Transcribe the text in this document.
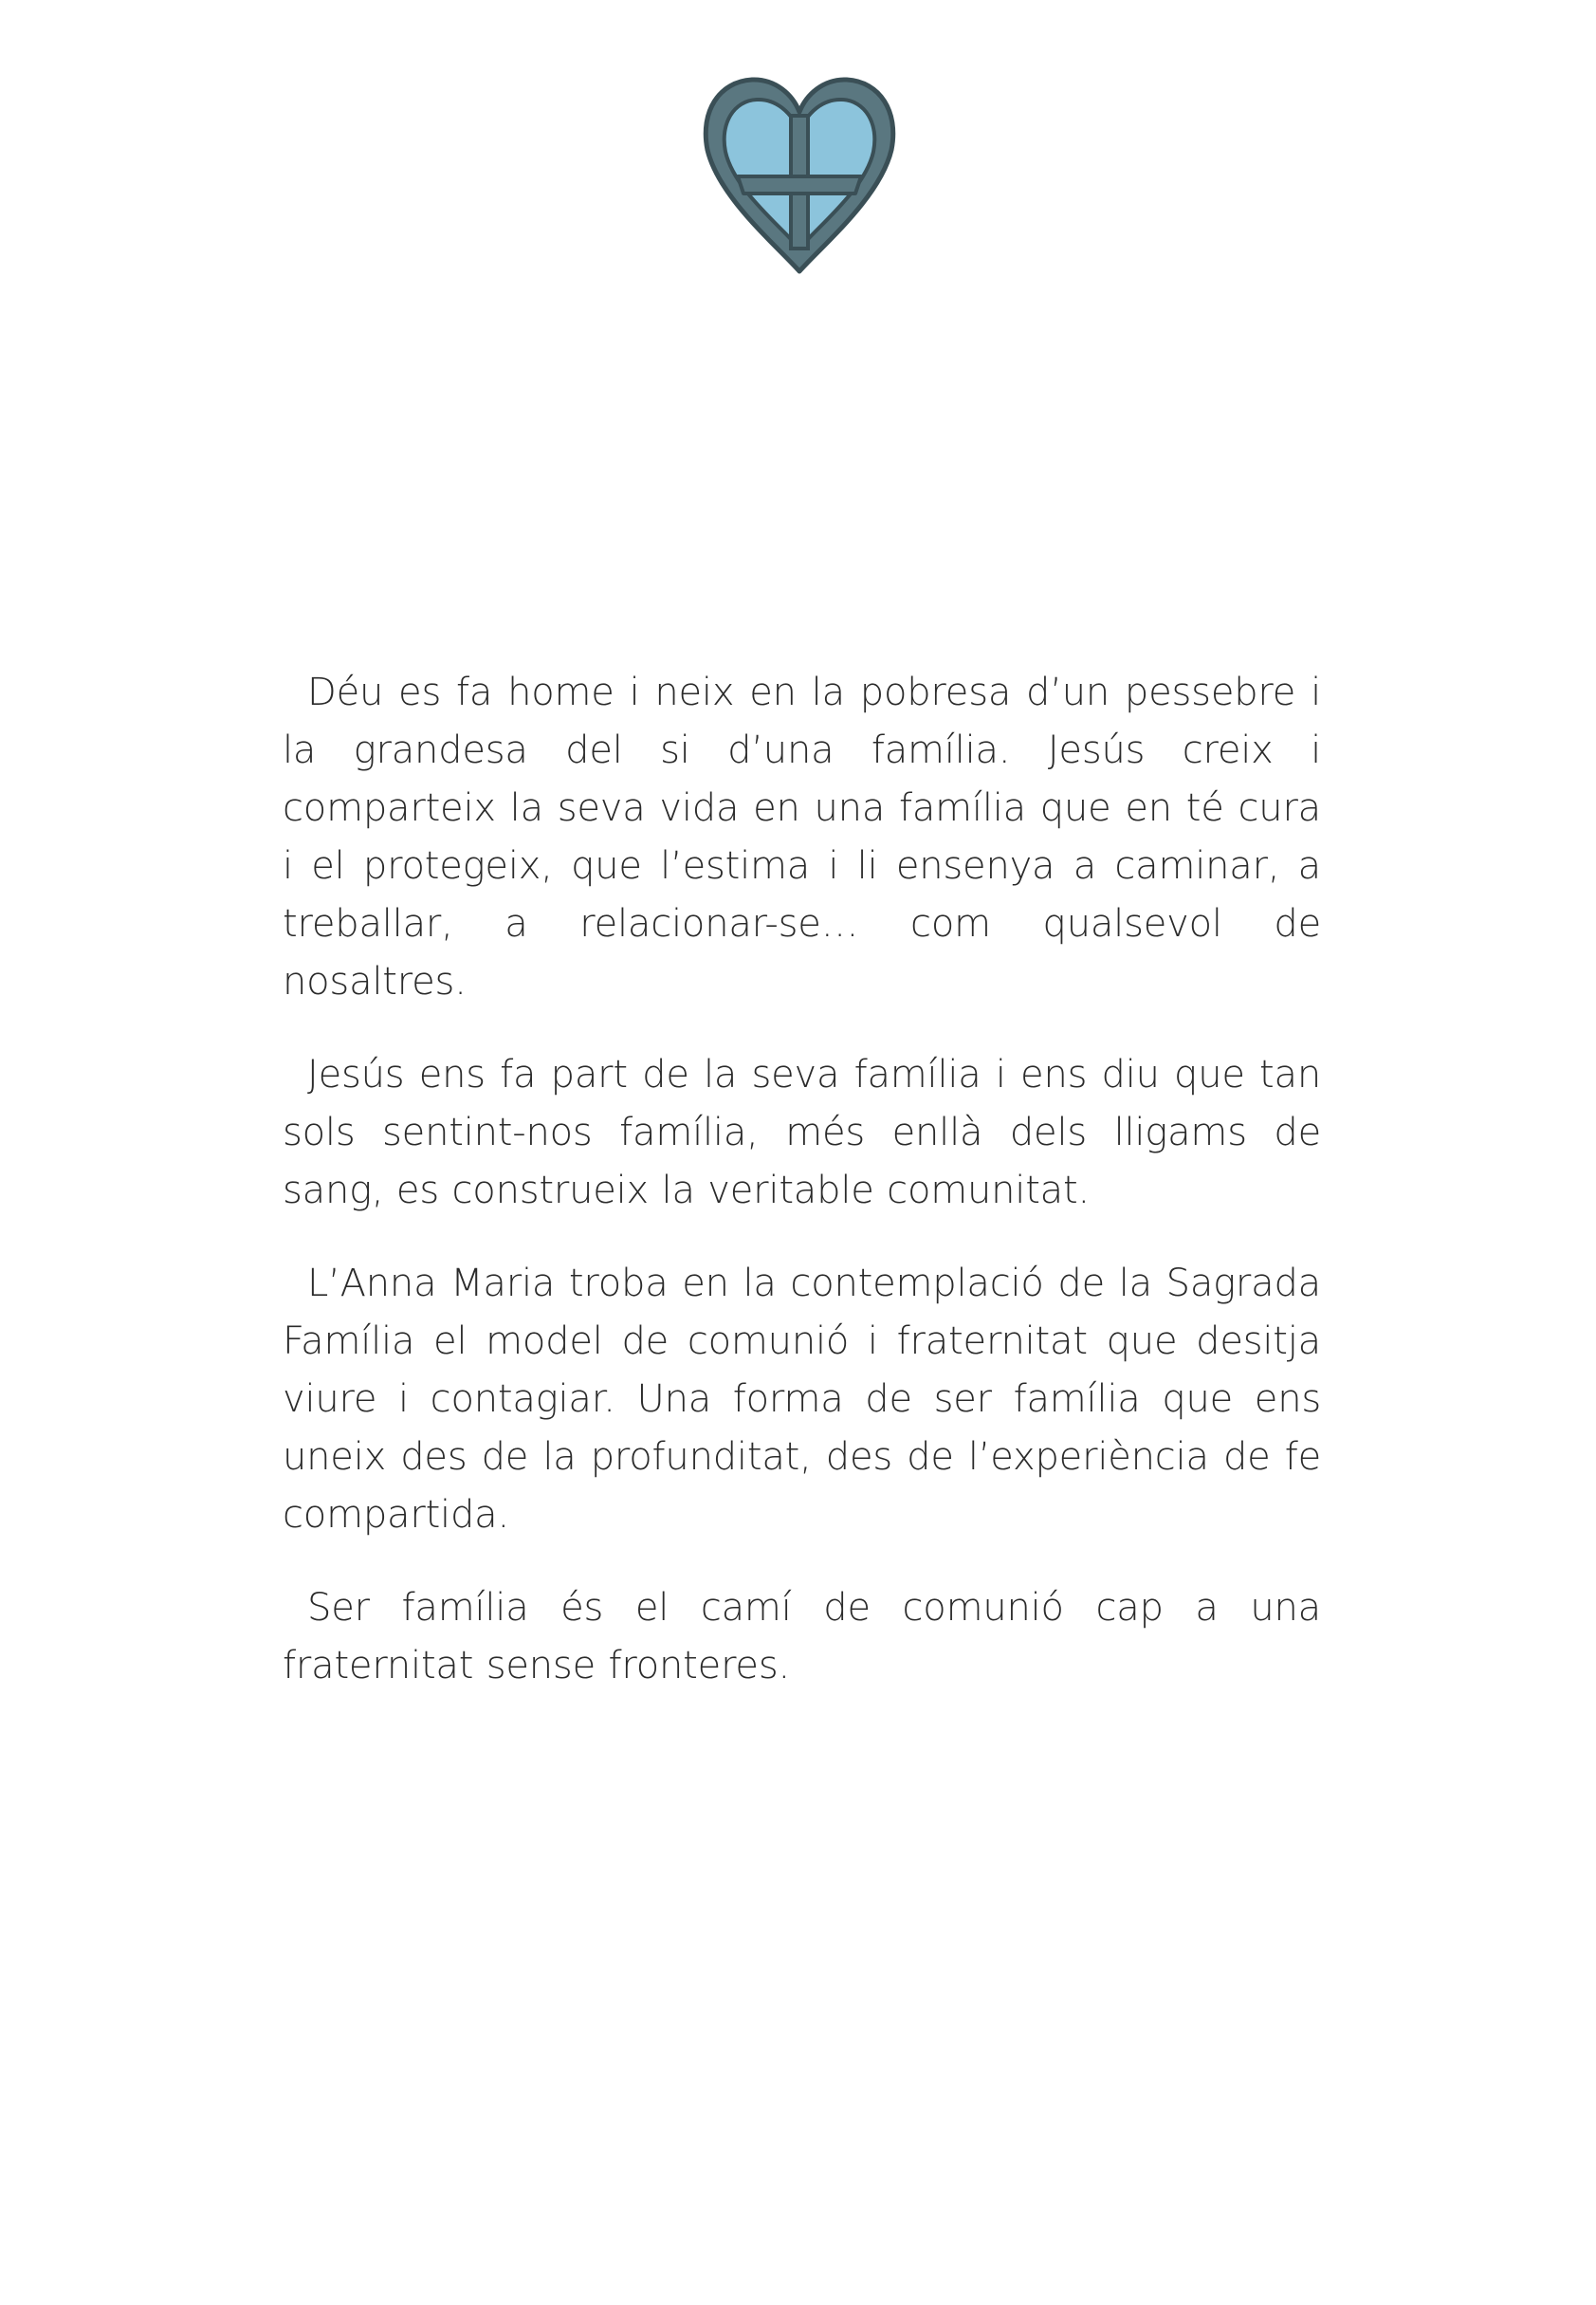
Déu es fa home i neix en la pobresa d’un pessebre i la grandesa del si d’una família. Jesús creix i comparteix la seva vida en una família que en té cura i el protegeix, que l’estima i li ensenya a caminar, a treballar, a relacionar-se… com qualsevol de nosaltres.

Jesús ens fa part de la seva família i ens diu que tan sols sentint-nos família, més enllà dels lligams de sang, es construeix la veritable comunitat.

L’Anna Maria troba en la contemplació de la Sagrada Família el model de comunió i fraternitat que desitja viure i contagiar. Una forma de ser família que ens uneix des de la profunditat, des de l’experiència de fe compartida.

Ser família és el camí de comunió cap a una fraternitat sense fronteres.
